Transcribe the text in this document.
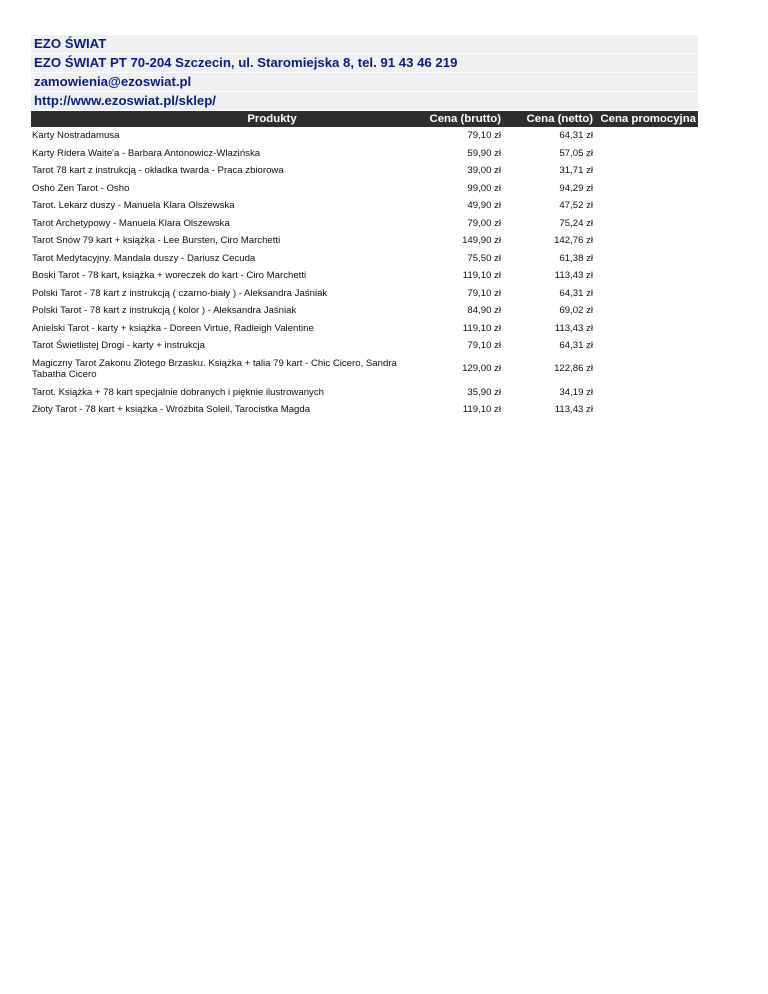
EZO ŚWIAT
EZO ŚWIAT PT 70-204 Szczecin, ul. Staromiejska 8, tel. 91 43 46 219
zamowienia@ezoswiat.pl
http://www.ezoswiat.pl/sklep/
Produkty	Cena (brutto)	Cena (netto)	Cena promocyjna
Karty Nostradamusa	79,10 zł	64,31 zł	
Karty Ridera Waite'a - Barbara Antonowicz-Wlazińska	59,90 zł	57,05 zł	
Tarot 78 kart z instrukcją - okładka twarda - Praca zbiorowa	39,00 zł	31,71 zł	
Osho Zen Tarot - Osho	99,00 zł	94,29 zł	
Tarot. Lekarz duszy - Manuela Klara Olszewska	49,90 zł	47,52 zł	
Tarot Archetypowy - Manuela Klara Olszewska	79,00 zł	75,24 zł	
Tarot Snów 79 kart + książka - Lee Bursten, Ciro Marchetti	149,90 zł	142,76 zł	
Tarot Medytacyjny. Mandala duszy - Dariusz Cecuda	75,50 zł	61,38 zł	
Boski Tarot - 78 kart, książka + woreczek do kart - Ciro Marchetti	119,10 zł	113,43 zł	
Polski Tarot - 78 kart z instrukcją ( czarno-biały ) - Aleksandra Jaśniak	79,10 zł	64,31 zł	
Polski Tarot - 78 kart z instrukcją ( kolor ) - Aleksandra Jaśniak	84,90 zł	69,02 zł	
Anielski Tarot - karty + książka - Doreen Virtue, Radleigh Valentine	119,10 zł	113,43 zł	
Tarot Świetlistej Drogi - karty + instrukcja	79,10 zł	64,31 zł	
Magiczny Tarot Zakonu Złotego Brzasku. Książka + talia 79 kart - Chic Cicero, Sandra Tabatha Cicero	129,00 zł	122,86 zł	
Tarot. Książka + 78 kart specjalnie dobranych i pięknie ilustrowanych	35,90 zł	34,19 zł	
Złoty Tarot - 78 kart + książka - Wróżbita Soleil, Tarocistka Magda	119,10 zł	113,43 zł	
